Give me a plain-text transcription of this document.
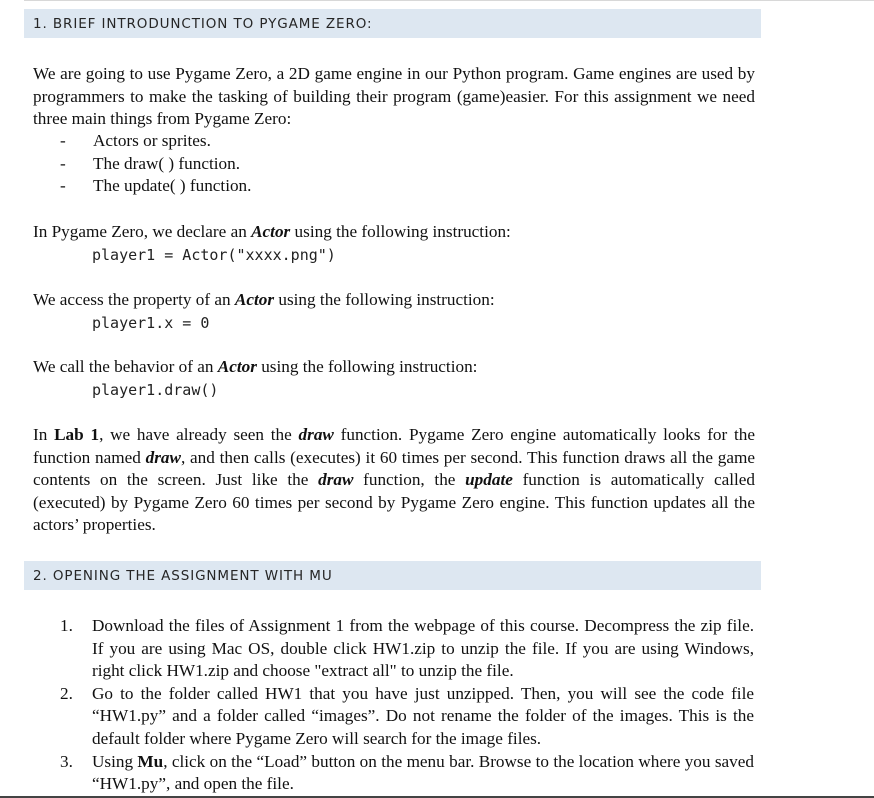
1. BRIEF INTRODUNCTION TO PYGAME ZERO:

We are going to use Pygame Zero, a 2D game engine in our Python program. Game engines are used by programmers to make the tasking of building their program (game)easier. For this assignment we need three main things from Pygame Zero:

- Actors or sprites.
- The draw( ) function.
- The update( ) function.

In Pygame Zero, we declare an Actor using the following instruction:

player1 = Actor("xxxx.png")

We access the property of an Actor using the following instruction:

player1.x = 0

We call the behavior of an Actor using the following instruction:

player1.draw()

In Lab 1, we have already seen the draw function. Pygame Zero engine automatically looks for the function named draw, and then calls (executes) it 60 times per second. This function draws all the game contents on the screen. Just like the draw function, the update function is automatically called (executed) by Pygame Zero 60 times per second by Pygame Zero engine. This function updates all the actors’ properties.

2. OPENING THE ASSIGNMENT WITH MU
1. Download the files of Assignment 1 from the webpage of this course. Decompress the zip file. If you are using Mac OS, double click HW1.zip to unzip the file. If you are using Windows, right click HW1.zip and choose "extract all" to unzip the file.
2. Go to the folder called HW1 that you have just unzipped. Then, you will see the code file “HW1.py” and a folder called “images”. Do not rename the folder of the images. This is the default folder where Pygame Zero will search for the image files.
3. Using Mu, click on the “Load” button on the menu bar. Browse to the location where you saved “HW1.py”, and open the file.
